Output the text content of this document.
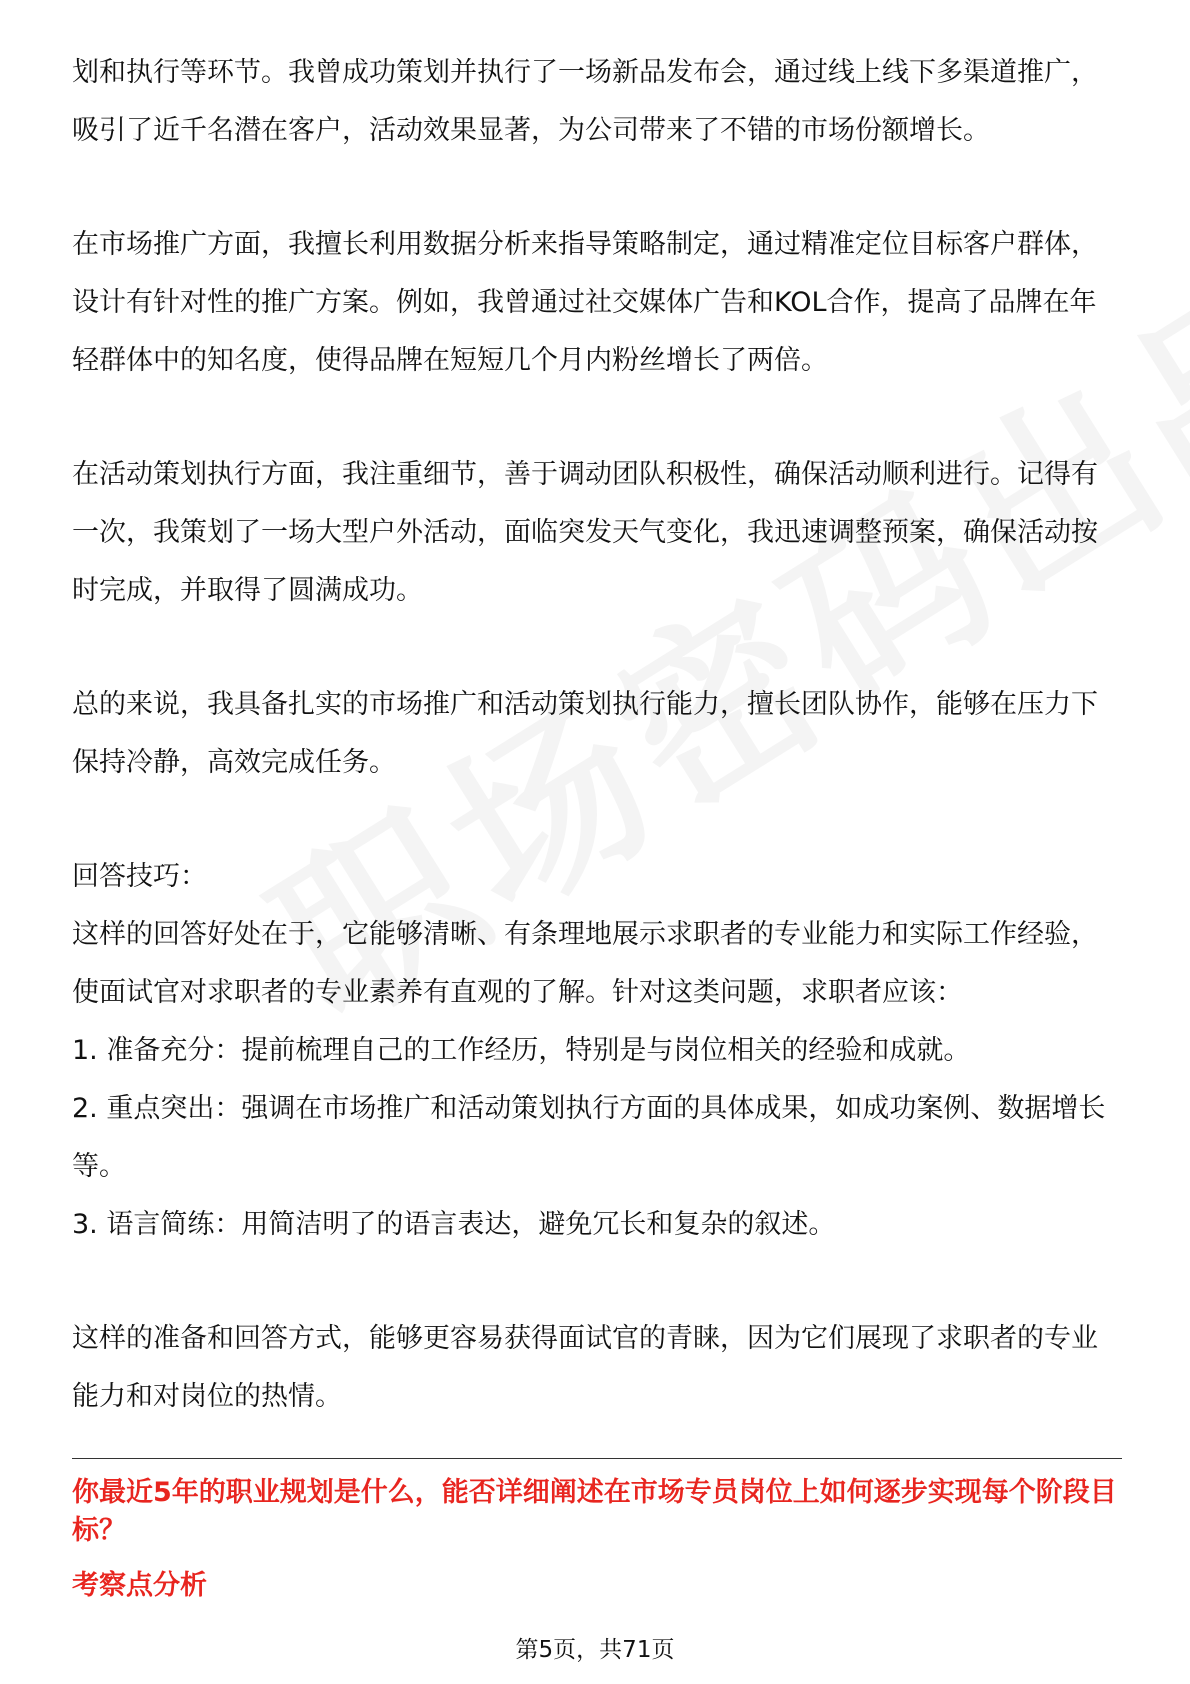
划和执行等环节。我曾成功策划并执行了一场新品发布会，通过线上线下多渠道推广，吸引了近千名潜在客户，活动效果显著，为公司带来了不错的市场份额增长。

在市场推广方面，我擅长利用数据分析来指导策略制定，通过精准定位目标客户群体，设计有针对性的推广方案。例如，我曾通过社交媒体广告和KOL合作，提高了品牌在年轻群体中的知名度，使得品牌在短短几个月内粉丝增长了两倍。

在活动策划执行方面，我注重细节，善于调动团队积极性，确保活动顺利进行。记得有一次，我策划了一场大型户外活动，面临突发天气变化，我迅速调整预案，确保活动按时完成，并取得了圆满成功。

总的来说，我具备扎实的市场推广和活动策划执行能力，擅长团队协作，能够在压力下保持冷静，高效完成任务。

回答技巧：

这样的回答好处在于，它能够清晰、有条理地展示求职者的专业能力和实际工作经验，使面试官对求职者的专业素养有直观的了解。针对这类问题，求职者应该：

1. 准备充分：提前梳理自己的工作经历，特别是与岗位相关的经验和成就。

2. 重点突出：强调在市场推广和活动策划执行方面的具体成果，如成功案例、数据增长等。

3. 语言简练：用简洁明了的语言表达，避免冗长和复杂的叙述。

这样的准备和回答方式，能够更容易获得面试官的青睐，因为它们展现了求职者的专业能力和对岗位的热情。

你最近5年的职业规划是什么，能否详细阐述在市场专员岗位上如何逐步实现每个阶段目标？
考察点分析
第5页，共71页
